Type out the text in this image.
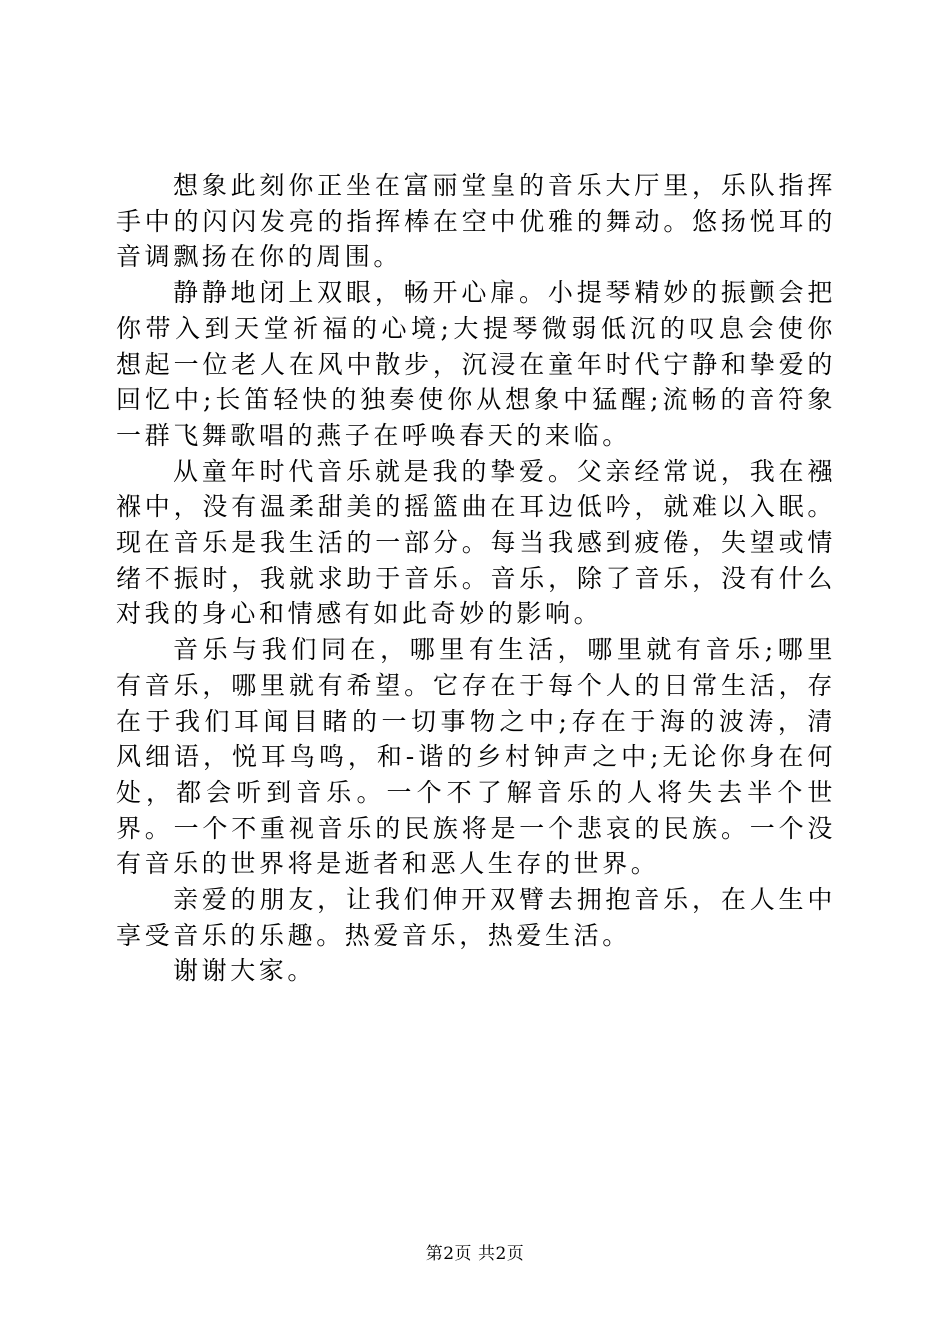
想象此刻你正坐在富丽堂皇的音乐大厅里，乐队指挥手中的闪闪发亮的指挥棒在空中优雅的舞动。悠扬悦耳的音调飘扬在你的周围。

静静地闭上双眼，畅开心扉。小提琴精妙的振颤会把你带入到天堂祈福的心境;大提琴微弱低沉的叹息会使你想起一位老人在风中散步，沉浸在童年时代宁静和挚爱的回忆中;长笛轻快的独奏使你从想象中猛醒;流畅的音符象一群飞舞歌唱的燕子在呼唤春天的来临。

从童年时代音乐就是我的挚爱。父亲经常说，我在襁褓中，没有温柔甜美的摇篮曲在耳边低吟，就难以入眠。现在音乐是我生活的一部分。每当我感到疲倦，失望或情绪不振时，我就求助于音乐。音乐，除了音乐，没有什么对我的身心和情感有如此奇妙的影响。

音乐与我们同在，哪里有生活，哪里就有音乐;哪里有音乐，哪里就有希望。它存在于每个人的日常生活，存在于我们耳闻目睹的一切事物之中;存在于海的波涛，清风细语，悦耳鸟鸣，和-谐的乡村钟声之中;无论你身在何处，都会听到音乐。一个不了解音乐的人将失去半个世界。一个不重视音乐的民族将是一个悲哀的民族。一个没有音乐的世界将是逝者和恶人生存的世界。

亲爱的朋友，让我们伸开双臂去拥抱音乐，在人生中享受音乐的乐趣。热爱音乐，热爱生活。

谢谢大家。

第2页 共2页
